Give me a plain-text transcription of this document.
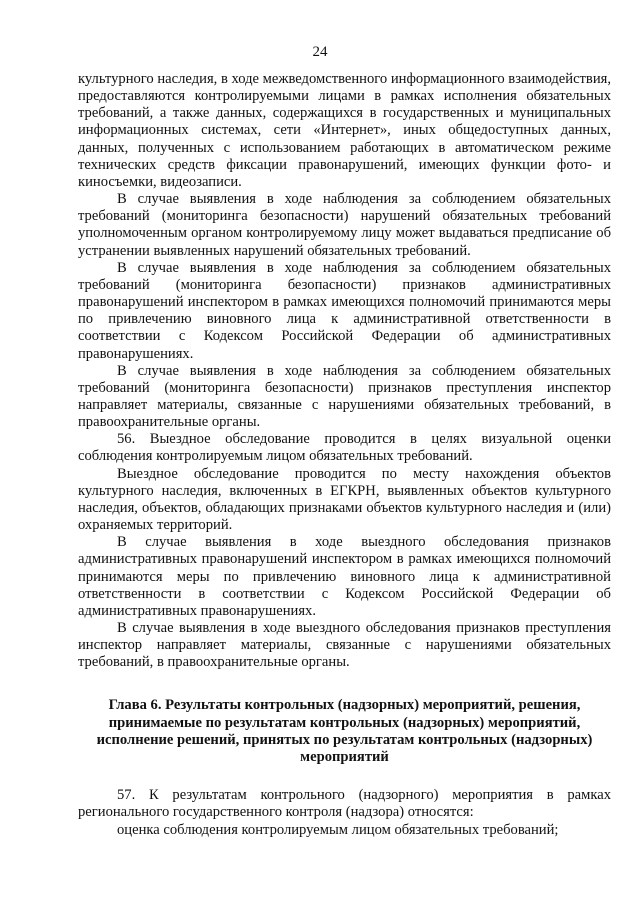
24

культурного наследия, в ходе межведомственного информационного взаимодействия, предоставляются контролируемыми лицами в рамках исполнения обязательных требований, а также данных, содержащихся в государственных и муниципальных информационных системах, сети «Интернет», иных общедоступных данных, данных, полученных с использованием работающих в автоматическом режиме технических средств фиксации правонарушений, имеющих функции фото- и киносъемки, видеозаписи.

В случае выявления в ходе наблюдения за соблюдением обязательных требований (мониторинга безопасности) нарушений обязательных требований уполномоченным органом контролируемому лицу может выдаваться предписание об устранении выявленных нарушений обязательных требований.

В случае выявления в ходе наблюдения за соблюдением обязательных требований (мониторинга безопасности) признаков административных правонарушений инспектором в рамках имеющихся полномочий принимаются меры по привлечению виновного лица к административной ответственности в соответствии с Кодексом Российской Федерации об административных правонарушениях.

В случае выявления в ходе наблюдения за соблюдением обязательных требований (мониторинга безопасности) признаков преступления инспектор направляет материалы, связанные с нарушениями обязательных требований, в правоохранительные органы.

56. Выездное обследование проводится в целях визуальной оценки соблюдения контролируемым лицом обязательных требований.

Выездное обследование проводится по месту нахождения объектов культурного наследия, включенных в ЕГКРН, выявленных объектов культурного наследия, объектов, обладающих признаками объектов культурного наследия и (или) охраняемых территорий.

В случае выявления в ходе выездного обследования признаков административных правонарушений инспектором в рамках имеющихся полномочий принимаются меры по привлечению виновного лица к административной ответственности в соответствии с Кодексом Российской Федерации об административных правонарушениях.

В случае выявления в ходе выездного обследования признаков преступления инспектор направляет материалы, связанные с нарушениями обязательных требований, в правоохранительные органы.

Глава 6. Результаты контрольных (надзорных) мероприятий, решения, принимаемые по результатам контрольных (надзорных) мероприятий, исполнение решений, принятых по результатам контрольных (надзорных) мероприятий

57. К результатам контрольного (надзорного) мероприятия в рамках регионального государственного контроля (надзора) относятся:

оценка соблюдения контролируемым лицом обязательных требований;
